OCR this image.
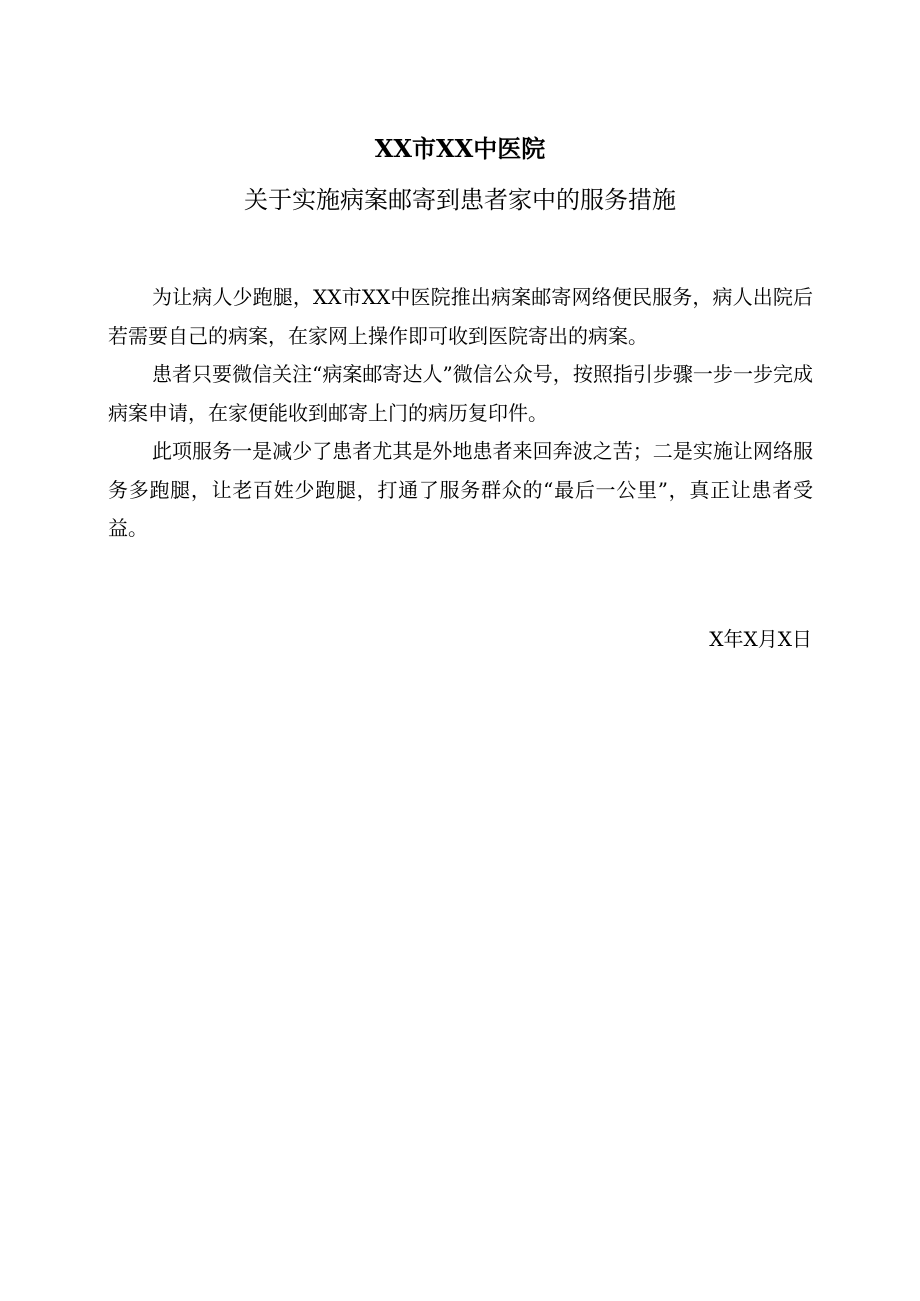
XX市XX中医院
关于实施病案邮寄到患者家中的服务措施

为让病人少跑腿，XX市XX中医院推出病案邮寄网络便民服务，病人出院后若需要自己的病案，在家网上操作即可收到医院寄出的病案。

患者只要微信关注“病案邮寄达人”微信公众号，按照指引步骤一步一步完成病案申请，在家便能收到邮寄上门的病历复印件。

此项服务一是减少了患者尤其是外地患者来回奔波之苦；二是实施让网络服务多跑腿，让老百姓少跑腿，打通了服务群众的“最后一公里”，真正让患者受益。

X年X月X日
